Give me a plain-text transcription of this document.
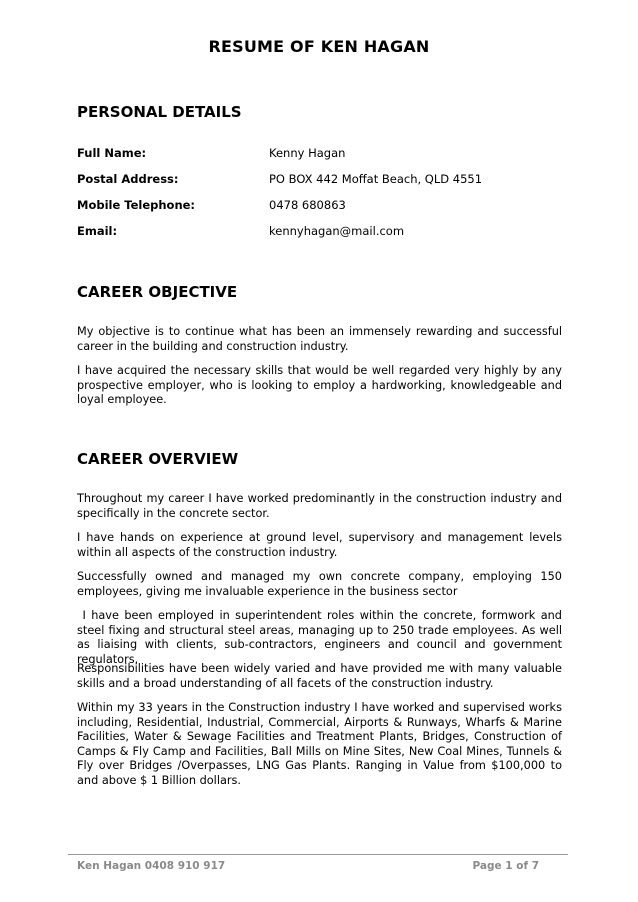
RESUME OF KEN HAGAN
PERSONAL DETAILS
Full Name:	Kenny Hagan
Postal Address:	PO BOX 442 Moffat Beach, QLD 4551
Mobile Telephone:	0478 680863
Email:	kennyhagan@mail.com
CAREER OBJECTIVE
My objective is to continue what has been an immensely rewarding and successful career in the building and construction industry.
I have acquired the necessary skills that would be well regarded very highly by any prospective employer, who is looking to employ a hardworking, knowledgeable and loyal employee.
CAREER OVERVIEW
Throughout my career I have worked predominantly in the construction industry and specifically in the concrete sector.
I have hands on experience at ground level, supervisory and management levels within all aspects of the construction industry.
Successfully owned and managed my own concrete company, employing 150 employees, giving me invaluable experience in the business sector
I have been employed in superintendent roles within the concrete, formwork and steel fixing and structural steel areas, managing up to 250 trade employees. As well as liaising with clients, sub-contractors, engineers and council and government regulators.
Responsibilities have been widely varied and have provided me with many valuable skills and a broad understanding of all facets of the construction industry.
Within my 33 years in the Construction industry I have worked and supervised works including, Residential, Industrial, Commercial, Airports & Runways, Wharfs & Marine Facilities, Water & Sewage Facilities and Treatment Plants, Bridges, Construction of Camps & Fly Camp and Facilities, Ball Mills on Mine Sites, New Coal Mines, Tunnels & Fly over Bridges /Overpasses, LNG Gas Plants. Ranging in Value from $100,000 to and above $ 1 Billion dollars.
Ken Hagan 0408 910 917	Page 1 of 7
